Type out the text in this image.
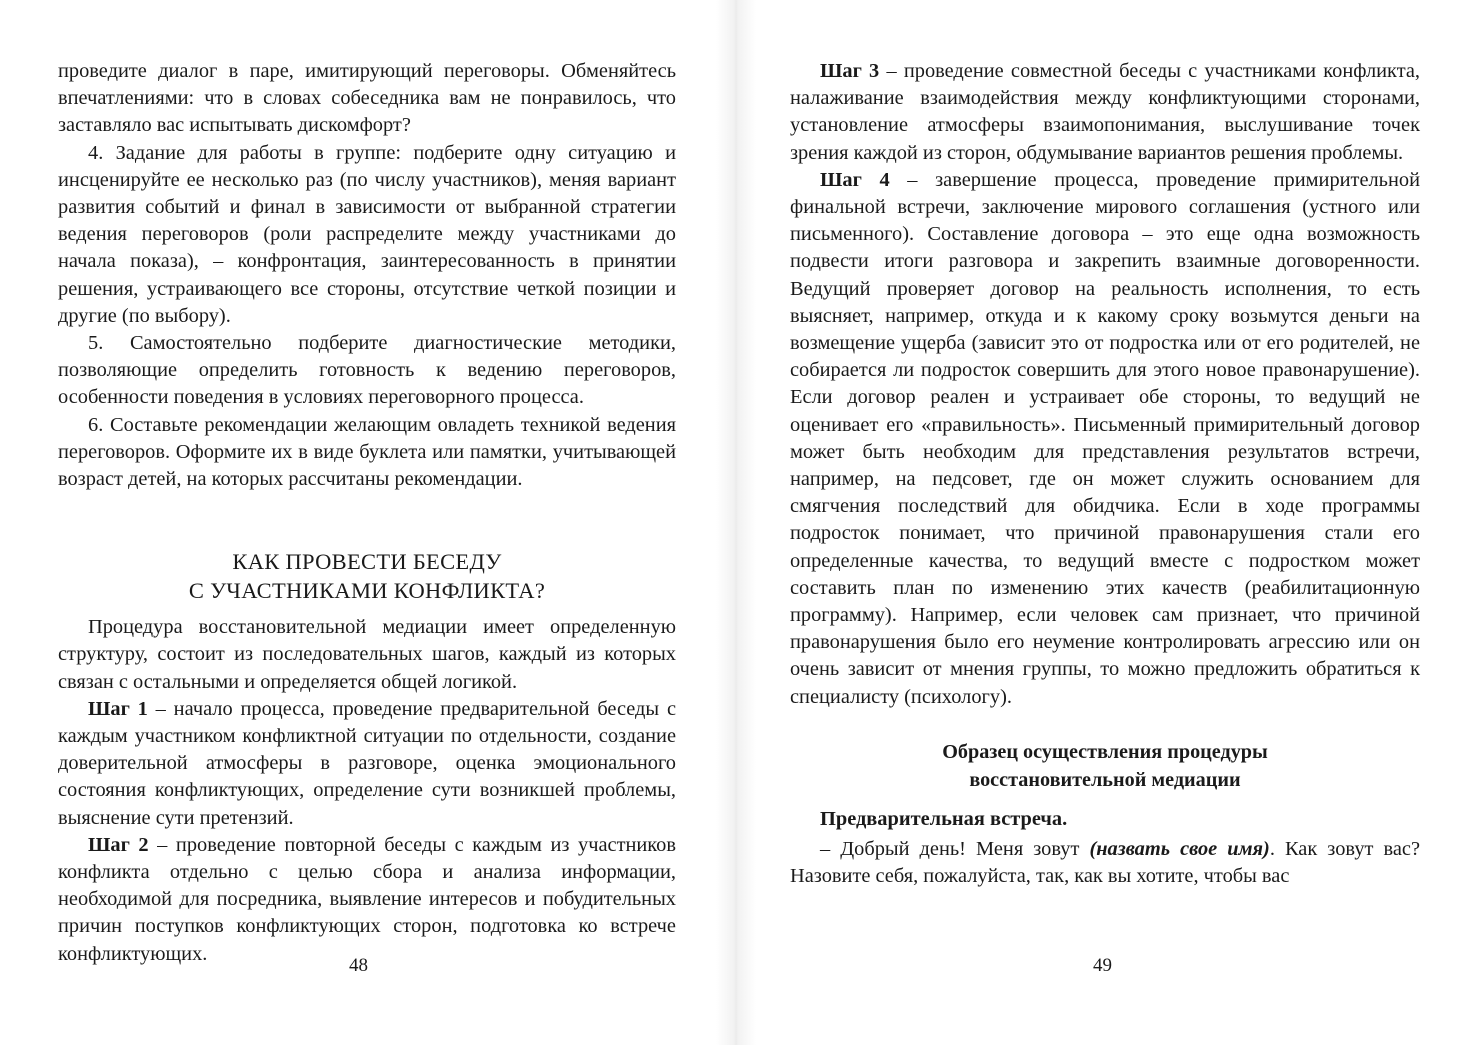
проведите диалог в паре, имитирующий переговоры. Обменяйтесь впечатлениями: что в словах собеседника вам не понравилось, что заставляло вас испытывать дискомфорт?

4. Задание для работы в группе: подберите одну ситуацию и инсценируйте ее несколько раз (по числу участников), меняя вариант развития событий и финал в зависимости от выбранной стратегии ведения переговоров (роли распределите между участниками до начала показа), – конфронтация, заинтересованность в принятии решения, устраивающего все стороны, отсутствие четкой позиции и другие (по выбору).

5. Самостоятельно подберите диагностические методики, позволяющие определить готовность к ведению переговоров, особенности поведения в условиях переговорного процесса.

6. Составьте рекомендации желающим овладеть техникой ведения переговоров. Оформите их в виде буклета или памятки, учитывающей возраст детей, на которых рассчитаны рекомендации.

КАК ПРОВЕСТИ БЕСЕДУ
С УЧАСТНИКАМИ КОНФЛИКТА?

Процедура восстановительной медиации имеет определенную структуру, состоит из последовательных шагов, каждый из которых связан с остальными и определяется общей логикой.

Шаг 1 – начало процесса, проведение предварительной беседы с каждым участником конфликтной ситуации по отдельности, создание доверительной атмосферы в разговоре, оценка эмоционального состояния конфликтующих, определение сути возникшей проблемы, выяснение сути претензий.

Шаг 2 – проведение повторной беседы с каждым из участников конфликта отдельно с целью сбора и анализа информации, необходимой для посредника, выявление интересов и побудительных причин поступков конфликтующих сторон, подготовка ко встрече конфликтующих.

48

Шаг 3 – проведение совместной беседы с участниками конфликта, налаживание взаимодействия между конфликтующими сторонами, установление атмосферы взаимопонимания, выслушивание точек зрения каждой из сторон, обдумывание вариантов решения проблемы.

Шаг 4 – завершение процесса, проведение примирительной финальной встречи, заключение мирового соглашения (устного или письменного). Составление договора – это еще одна возможность подвести итоги разговора и закрепить взаимные договоренности. Ведущий проверяет договор на реальность исполнения, то есть выясняет, например, откуда и к какому сроку возьмутся деньги на возмещение ущерба (зависит это от подростка или от его родителей, не собирается ли подросток совершить для этого новое правонарушение). Если договор реален и устраивает обе стороны, то ведущий не оценивает его «правильность». Письменный примирительный договор может быть необходим для представления результатов встречи, например, на педсовет, где он может служить основанием для смягчения последствий для обидчика. Если в ходе программы подросток понимает, что причиной правонарушения стали его определенные качества, то ведущий вместе с подростком может составить план по изменению этих качеств (реабилитационную программу). Например, если человек сам признает, что причиной правонарушения было его неумение контролировать агрессию или он очень зависит от мнения группы, то можно предложить обратиться к специалисту (психологу).

Образец осуществления процедуры
восстановительной медиации

Предварительная встреча.

– Добрый день! Меня зовут (назвать свое имя). Как зовут вас? Назовите себя, пожалуйста, так, как вы хотите, чтобы вас

49
